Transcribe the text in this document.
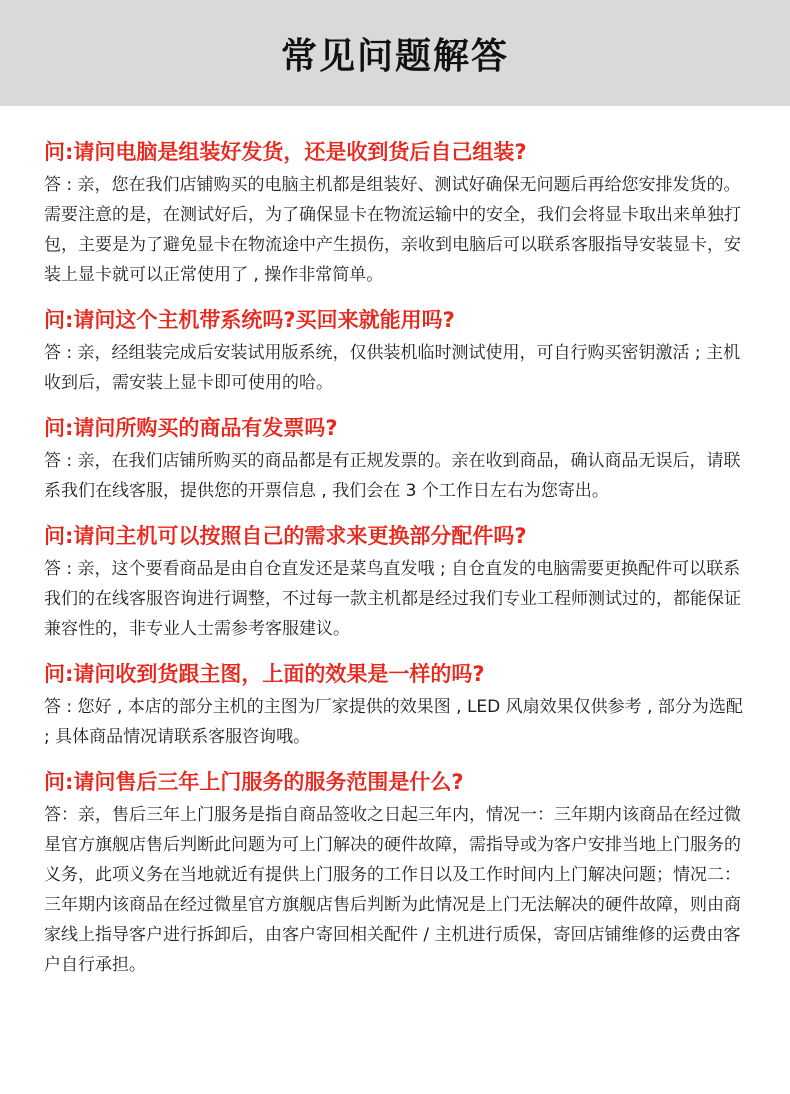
常见问题解答

问:请问电脑是组装好发货，还是收到货后自己组装?

答 : 亲，您在我们店铺购买的电脑主机都是组装好、测试好确保无问题后再给您安排发货的。需要注意的是，在测试好后，为了确保显卡在物流运输中的安全，我们会将显卡取出来单独打包，主要是为了避免显卡在物流途中产生损伤，亲收到电脑后可以联系客服指导安装显卡，安装上显卡就可以正常使用了 , 操作非常简单。

问:请问这个主机带系统吗?买回来就能用吗?

答 : 亲，经组装完成后安装试用版系统，仅供装机临时测试使用，可自行购买密钥激活 ; 主机收到后，需安装上显卡即可使用的哈。

问:请问所购买的商品有发票吗?

答 : 亲，在我们店铺所购买的商品都是有正规发票的。亲在收到商品，确认商品无误后，请联系我们在线客服，提供您的开票信息 , 我们会在 3 个工作日左右为您寄出。

问:请问主机可以按照自己的需求来更换部分配件吗?

答 : 亲，这个要看商品是由自仓直发还是菜鸟直发哦 ; 自仓直发的电脑需要更换配件可以联系我们的在线客服咨询进行调整，不过每一款主机都是经过我们专业工程师测试过的，都能保证兼容性的，非专业人士需参考客服建议。

问:请问收到货跟主图，上面的效果是一样的吗?

答 : 您好 , 本店的部分主机的主图为厂家提供的效果图 , LED 风扇效果仅供参考 , 部分为选配 ; 具体商品情况请联系客服咨询哦。

问:请问售后三年上门服务的服务范围是什么?

答：亲，售后三年上门服务是指自商品签收之日起三年内，情况一：三年期内该商品在经过微星官方旗舰店售后判断此问题为可上门解决的硬件故障，需指导或为客户安排当地上门服务的义务，此项义务在当地就近有提供上门服务的工作日以及工作时间内上门解决问题；情况二：三年期内该商品在经过微星官方旗舰店售后判断为此情况是上门无法解决的硬件故障，则由商家线上指导客户进行拆卸后，由客户寄回相关配件 / 主机进行质保，寄回店铺维修的运费由客户自行承担。
